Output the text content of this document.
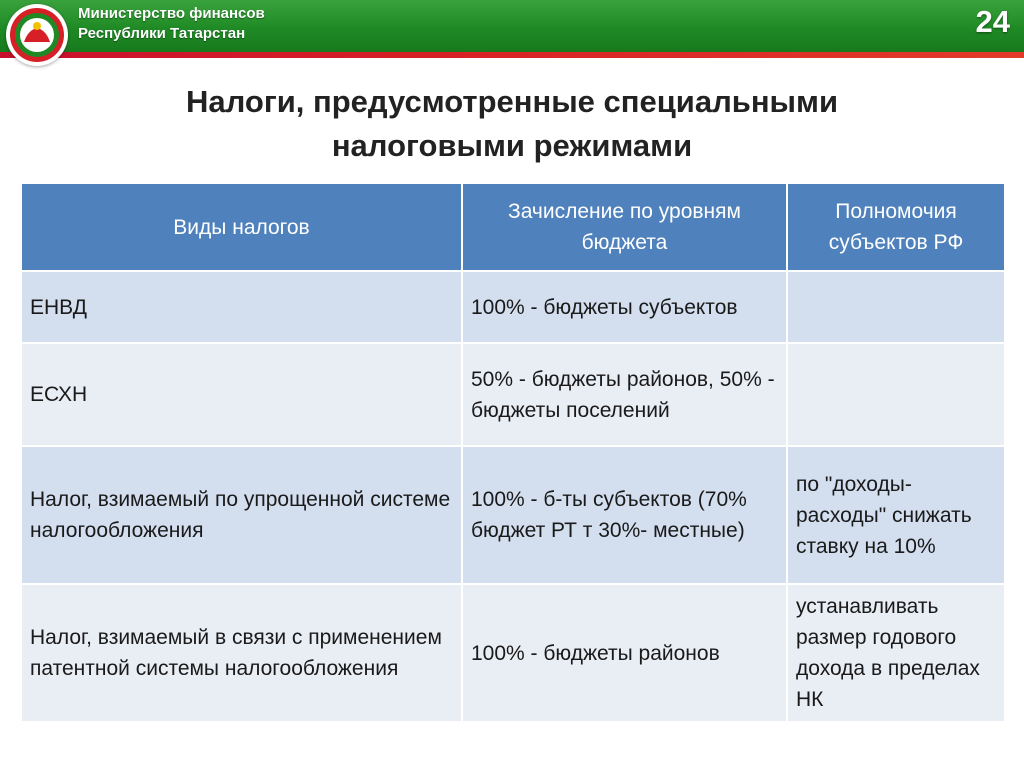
Министерство финансов
Республики Татарстан	24
Налоги, предусмотренные специальными
налоговыми режимами
Виды налогов	Зачисление по уровням бюджета	Полномочия субъектов РФ
ЕНВД	100% - бюджеты субъектов	
ЕСХН	50% - бюджеты районов, 50% - бюджеты поселений	
Налог, взимаемый по упрощенной системе налогообложения	100% - б-ты субъектов (70% бюджет РТ т 30%- местные)	по "доходы-расходы" снижать ставку на 10%
Налог, взимаемый в связи с применением патентной системы налогообложения	100% - бюджеты районов	устанавливать размер годового дохода в пределах НК
